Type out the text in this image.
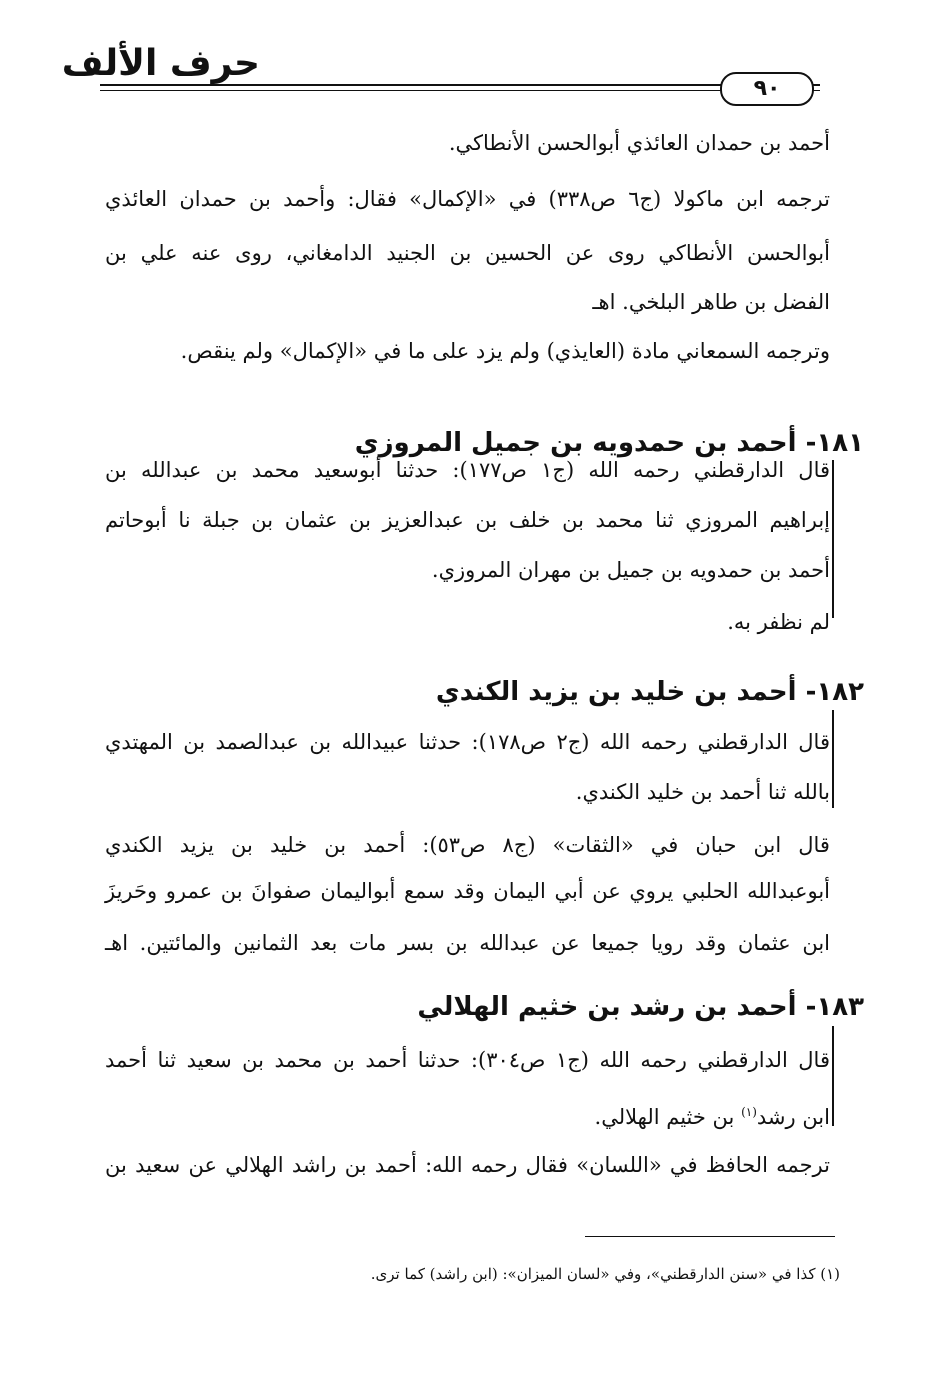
حرف الألف
٩٠
أحمد بن حمدان العائذي أبوالحسن الأنطاكي.
ترجمه ابن ماكولا (ج٦ ص٣٣٨) في «الإكمال» فقال: وأحمد بن حمدان العائذي
أبوالحسن الأنطاكي روى عن الحسين بن الجنيد الدامغاني، روى عنه علي بن
الفضل بن طاهر البلخي. اهـ
وترجمه السمعاني مادة (العايذي) ولم يزد على ما في «الإكمال» ولم ينقص.
١٨١- أحمد بن حمدويه بن جميل المروزي
قال الدارقطني رحمه الله (ج١ ص١٧٧): حدثنا أبوسعيد محمد بن عبدالله بن
إبراهيم المروزي ثنا محمد بن خلف بن عبدالعزيز بن عثمان بن جبلة نا أبوحاتم
أحمد بن حمدويه بن جميل بن مهران المروزي.
لم نظفر به.
١٨٢- أحمد بن خليد بن يزيد الكندي
قال الدارقطني رحمه الله (ج٢ ص١٧٨): حدثنا عبيدالله بن عبدالصمد بن المهتدي
بالله ثنا أحمد بن خليد الكندي.
قال ابن حبان في «الثقات» (ج٨ ص٥٣): أحمد بن خليد بن يزيد الكندي
أبوعبدالله الحلبي يروي عن أبي اليمان وقد سمع أبواليمان صفوانَ بن عمرو وحَريزَ
ابن عثمان وقد رويا جميعا عن عبدالله بن بسر مات بعد الثمانين والمائتين. اهـ
١٨٣- أحمد بن رشد بن خثيم الهلالي
قال الدارقطني رحمه الله (ج١ ص٣٠٤): حدثنا أحمد بن محمد بن سعيد ثنا أحمد
ابن رشد$^{(١)}$ بن خثيم الهلالي.
ترجمه الحافظ في «اللسان» فقال رحمه الله: أحمد بن راشد الهلالي عن سعيد بن
(١) كذا في «سنن الدارقطني»، وفي «لسان الميزان»: (ابن راشد) كما ترى.
